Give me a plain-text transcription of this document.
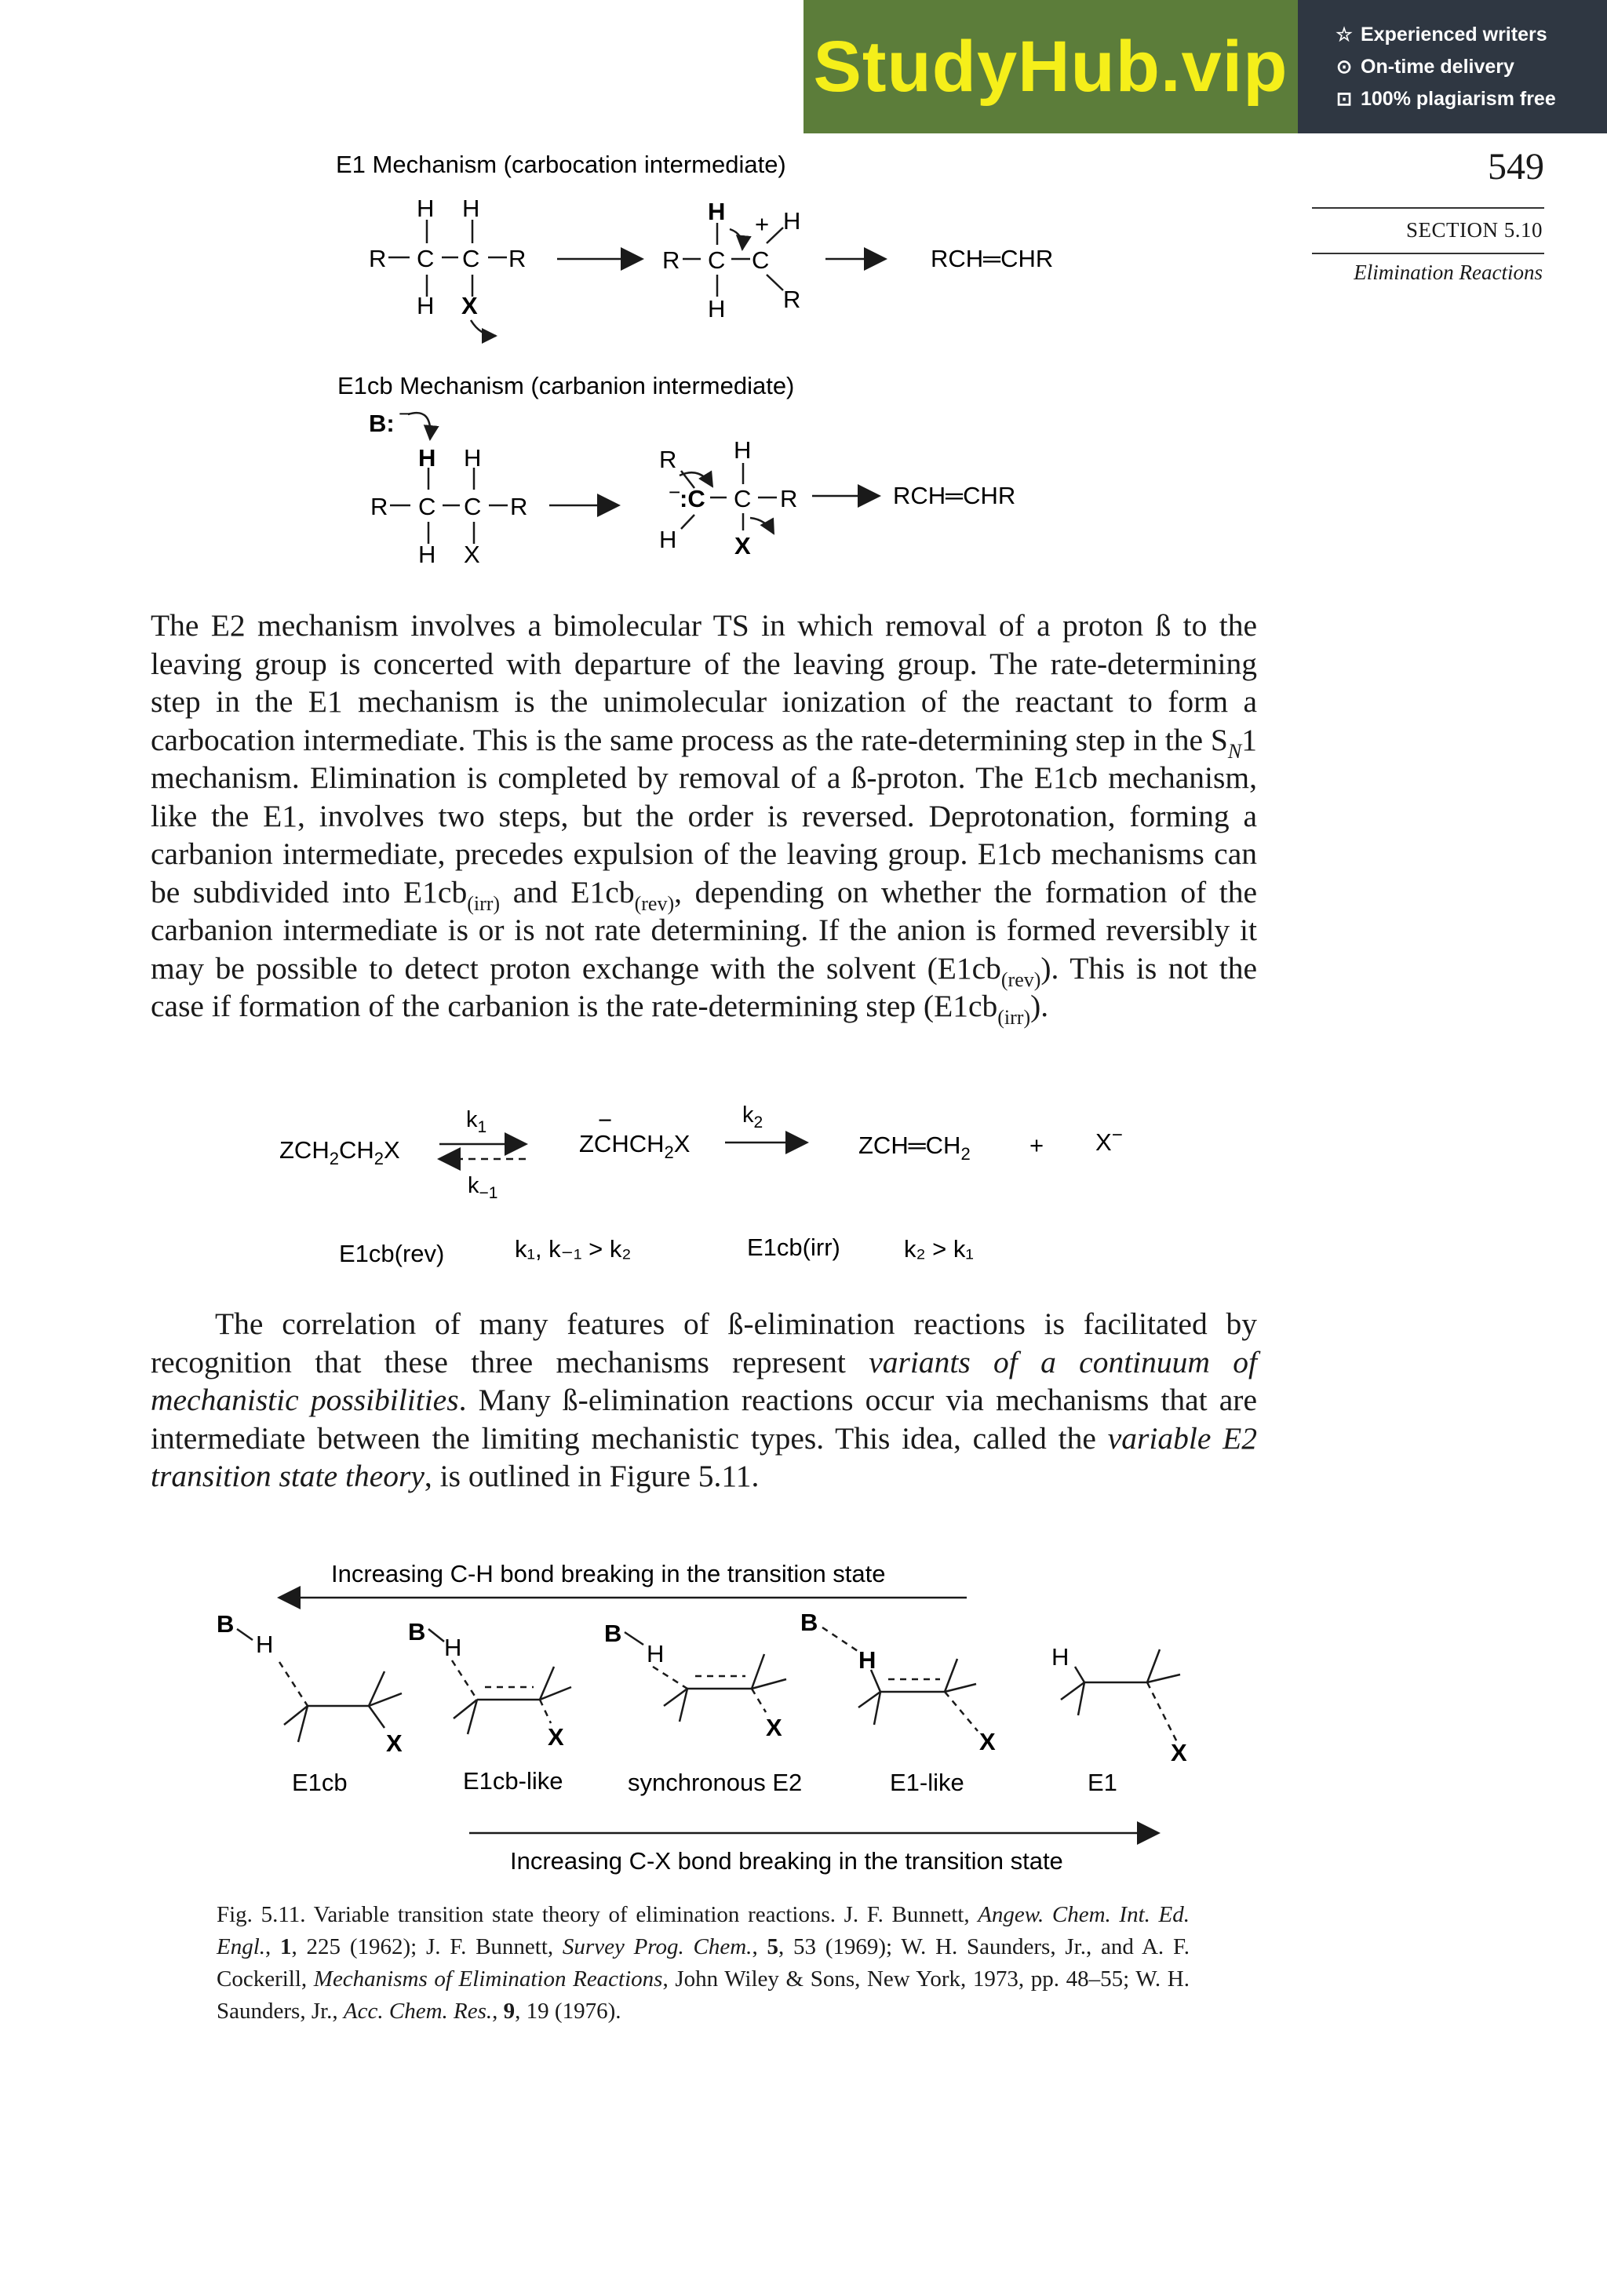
StudyHub.vip	☆ Experienced writers
⊙ On-time delivery
⊡ 100% plagiarism free
549
SECTION 5.10
Elimination Reactions
E1 Mechanism (carbocation intermediate)
H H
R C C R
H X
H + H
R C C
R
H
RCH═CHR
E1cb Mechanism (carbanion intermediate)
B: −
H H
R C C R
H X
R H
−
:C C R
H X
RCH═CHR

The E2 mechanism involves a bimolecular TS in which removal of a proton ß to the leaving group is concerted with departure of the leaving group. The rate-determining step in the E1 mechanism is the unimolecular ionization of the reactant to form a carbocation intermediate. This is the same process as the rate-determining step in the $S_N1$ mechanism. Elimination is completed by removal of a ß-proton. The E1cb mechanism, like the E1, involves two steps, but the order is reversed. Deprotonation, forming a carbanion intermediate, precedes expulsion of the leaving group. E1cb mechanisms can be subdivided into $E1cb_{(irr)}$ and $E1cb_{(rev)}$, depending on whether the formation of the carbanion intermediate is or is not rate determining. If the anion is formed reversibly it may be possible to detect proton exchange with the solvent $(E1cb_{(rev)})$. This is not the case if formation of the carbanion is the rate-determining step $(E1cb_{(irr)})$.

$ZCH_2CH_2X$
$k_1$
$k_{-1}$
−
$ZCHCH_2X$
$k_2$
$ZCH═CH_2 + X^-$
E1cb(rev)	k₁, k₋₁ > k₂	E1cb(irr)	k₂ > k₁

The correlation of many features of ß-elimination reactions is facilitated by recognition that these three mechanisms represent variants of a continuum of mechanistic possibilities. Many ß-elimination reactions occur via mechanisms that are intermediate between the limiting mechanistic types. This idea, called the variable E2 transition state theory, is outlined in Figure 5.11.

Increasing C-H bond breaking in the transition state
B
H
X
B
H
X
B
H
X
B
H
X
H
X
E1cb	E1cb-like	synchronous E2	E1-like	E1
Increasing C-X bond breaking in the transition state

Fig. 5.11. Variable transition state theory of elimination reactions. J. F. Bunnett, Angew. Chem. Int. Ed. Engl., 1, 225 (1962); J. F. Bunnett, Survey Prog. Chem., 5, 53 (1969); W. H. Saunders, Jr., and A. F. Cockerill, Mechanisms of Elimination Reactions, John Wiley & Sons, New York, 1973, pp. 48–55; W. H. Saunders, Jr., Acc. Chem. Res., 9, 19 (1976).
